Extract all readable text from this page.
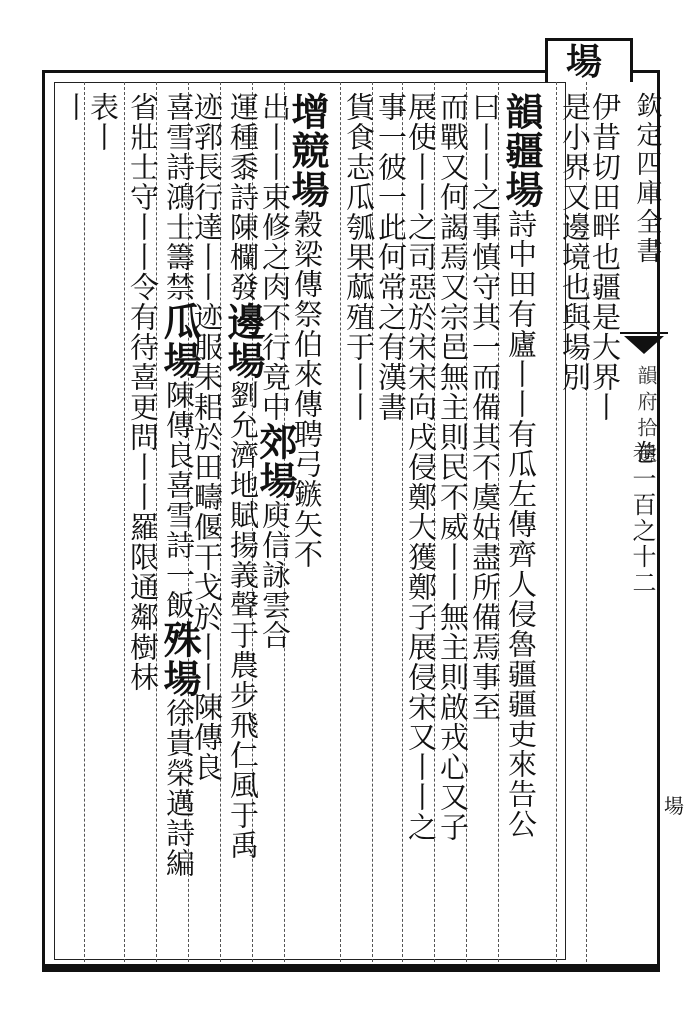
場
欽定四庫全書
韻府拾遺
卷一百之十二
場
伊昔切田畔也疆是大界丨
是小界又邊境也與場別
韻疆場詩中田有廬丨丨有瓜左傳齊人侵魯疆疆吏來告公
曰丨丨之事慎守其一而備其不虞姑盡所備焉事至
而戰又何謁焉又宗邑無主則民不威丨丨無主則啟戎心又子
展使丨丨之司惡於宋宋向戌侵鄭大獲鄭子展侵宋又丨丨之
事一彼一此何常之有漢書
貨食志瓜瓠果蓏殖于丨丨
增競場穀梁傳祭伯來傳聘弓鏃矢不
出丨丨束修之肉不行竟中郊場庾信詠雲合
運種黍詩陳欄發邊場劉允濟地賦揚義聲于農步飛仁風于禹
迹郛長行達丨丨迹服耒耜於田疇偃干戈於丨丨陳傳良
喜雪詩鴻士籌禁瓜場陳傳良喜雪詩一飯殊場徐貴榮邁詩編
省壯士守丨丨令有待喜更問丨丨羅限通鄰樹枺
表丨
丨
